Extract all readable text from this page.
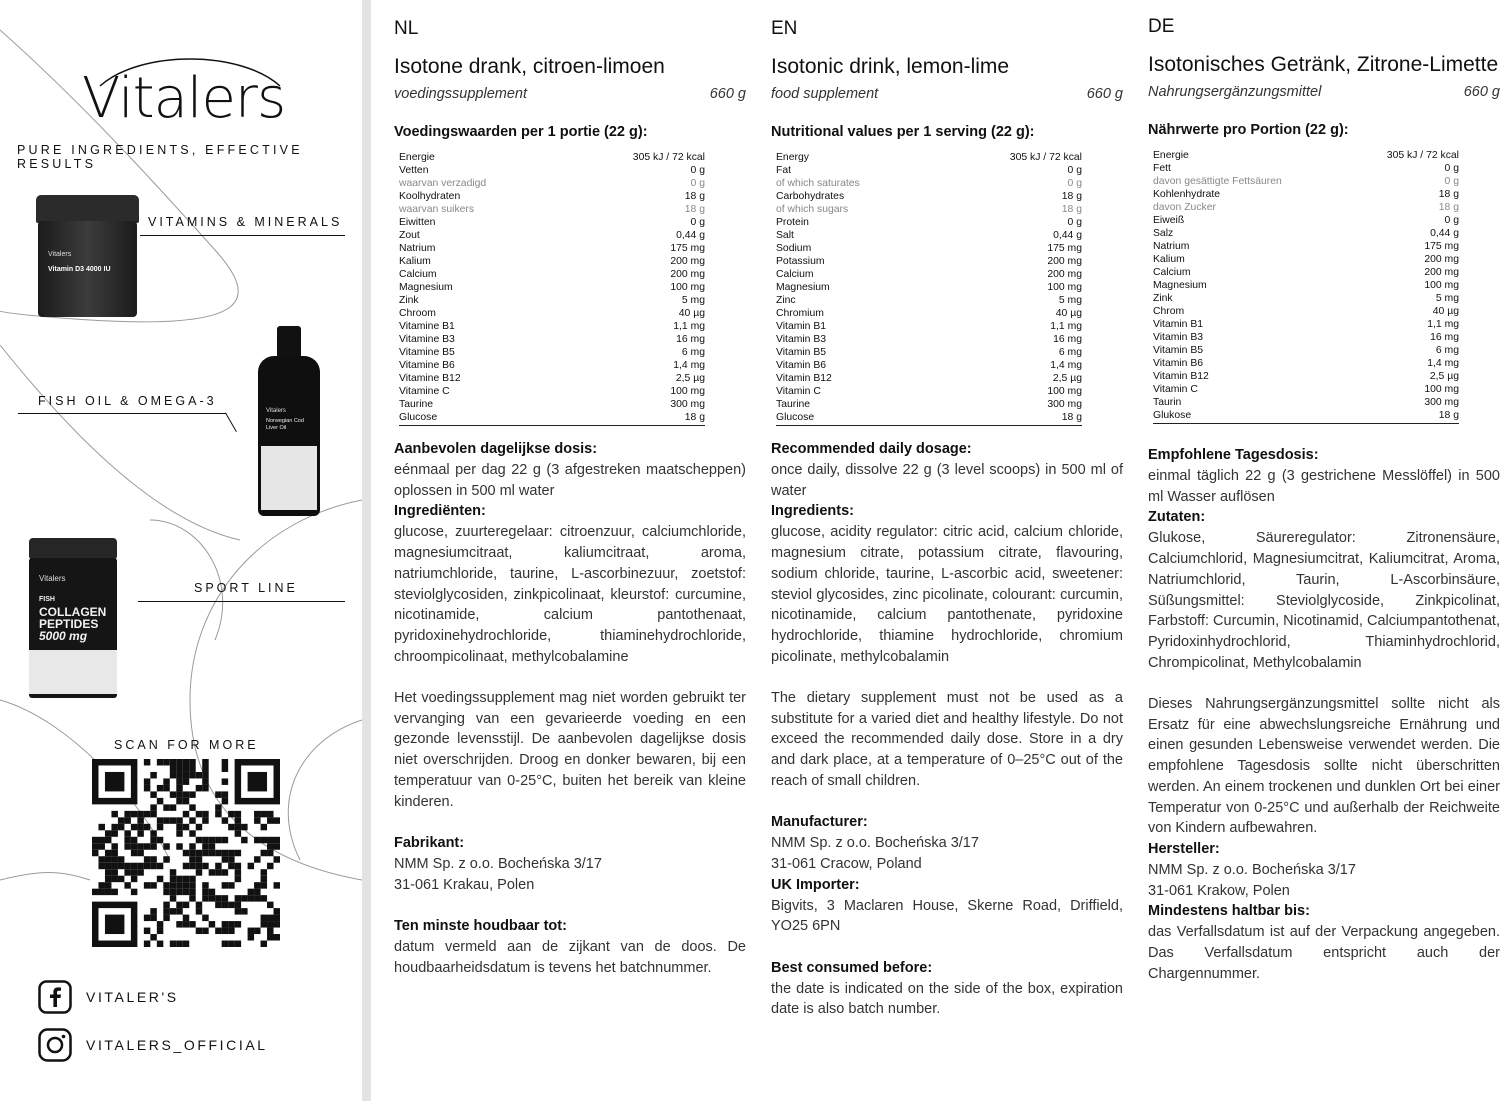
Vitalers
PURE INGREDIENTS, EFFECTIVE RESULTS
VITAMINS & MINERALS
Vitalers
Vitamin D3 4000 IU
FISH OIL & OMEGA-3
Vitalers
Norwegian Cod Liver Oil
SPORT LINE
Vitalers
FISH
COLLAGEN
PEPTIDES
5000 mg
SCAN FOR MORE
VITALER'S
VITALERS_OFFICIAL
NL
Isotone drank, citroen-limoen
voedingssupplement	660 g
Voedingswaarden per 1 portie (22 g):
Energie	305 kJ / 72 kcal
Vetten	0 g
waarvan verzadigd	0 g
Koolhydraten	18 g
waarvan suikers	18 g
Eiwitten	0 g
Zout	0,44 g
Natrium	175 mg
Kalium	200 mg
Calcium	200 mg
Magnesium	100 mg
Zink	5 mg
Chroom	40 µg
Vitamine B1	1,1 mg
Vitamine B3	16 mg
Vitamine B5	6 mg
Vitamine B6	1,4 mg
Vitamine B12	2,5 µg
Vitamine C	100 mg
Taurine	300 mg
Glucose	18 g
Aanbevolen dagelijkse dosis:
eénmaal per dag 22 g (3 afgestreken maatscheppen) oplossen in 500 ml water
Ingrediënten:
glucose, zuurteregelaar: citroenzuur, calciumchloride, magnesiumcitraat, kaliumcitraat, aroma, natriumchloride, taurine, L-ascorbinezuur, zoetstof: steviolglycosiden, zinkpicolinaat, kleurstof: curcumine, nicotinamide, calcium pantothenaat, pyridoxinehydrochloride, thiaminehydrochloride, chroompicolinaat, methylcobalamine
Het voedingssupplement mag niet worden gebruikt ter vervanging van een gevarieerde voeding en een gezonde levensstijl. De aanbevolen dagelijkse dosis niet overschrijden. Droog en donker bewaren, bij een temperatuur van 0-25°C, buiten het bereik van kleine kinderen.
Fabrikant:
NMM Sp. z o.o. Bocheńska 3/17
31-061 Krakau, Polen
Ten minste houdbaar tot:
datum vermeld aan de zijkant van de doos. De houdbaarheidsdatum is tevens het batchnummer.
EN
Isotonic drink, lemon-lime
food supplement	660 g
Nutritional values per 1 serving (22 g):
Energy	305 kJ / 72 kcal
Fat	0 g
of which saturates	0 g
Carbohydrates	18 g
of which sugars	18 g
Protein	0 g
Salt	0,44 g
Sodium	175 mg
Potassium	200 mg
Calcium	200 mg
Magnesium	100 mg
Zinc	5 mg
Chromium	40 µg
Vitamin B1	1,1 mg
Vitamin B3	16 mg
Vitamin B5	6 mg
Vitamin B6	1,4 mg
Vitamin B12	2,5 µg
Vitamin C	100 mg
Taurine	300 mg
Glucose	18 g
Recommended daily dosage:
once daily, dissolve 22 g (3 level scoops) in 500 ml of water
Ingredients:
glucose, acidity regulator: citric acid, calcium chloride, magnesium citrate, potassium citrate, flavouring, sodium chloride, taurine, L-ascorbic acid, sweetener: steviol glycosides, zinc picolinate, colourant: curcumin, nicotinamide, calcium pantothenate, pyridoxine hydrochloride, thiamine hydrochloride, chromium picolinate, methylcobalamin
The dietary supplement must not be used as a substitute for a varied diet and healthy lifestyle. Do not exceed the recommended daily dose. Store in a dry and dark place, at a temperature of 0–25°C out of the reach of small children.
Manufacturer:
NMM Sp. z o.o. Bocheńska 3/17
31-061 Cracow, Poland
UK Importer:
Bigvits, 3 Maclaren House, Skerne Road, Driffield, YO25 6PN
Best consumed before:
the date is indicated on the side of the box, expiration date is also batch number.
DE
Isotonisches Getränk, Zitrone-Limette
Nahrungsergänzungsmittel	660 g
Nährwerte pro Portion (22 g):
Energie	305 kJ / 72 kcal
Fett	0 g
davon gesättigte Fettsäuren	0 g
Kohlenhydrate	18 g
davon Zucker	18 g
Eiweiß	0 g
Salz	0,44 g
Natrium	175 mg
Kalium	200 mg
Calcium	200 mg
Magnesium	100 mg
Zink	5 mg
Chrom	40 µg
Vitamin B1	1,1 mg
Vitamin B3	16 mg
Vitamin B5	6 mg
Vitamin B6	1,4 mg
Vitamin B12	2,5 µg
Vitamin C	100 mg
Taurin	300 mg
Glukose	18 g
Empfohlene Tagesdosis:
einmal täglich 22 g (3 gestrichene Messlöffel) in 500 ml Wasser auflösen
Zutaten:
Glukose, Säureregulator: Zitronensäure, Calciumchlorid, Magnesiumcitrat, Kaliumcitrat, Aroma, Natriumchlorid, Taurin, L-Ascorbinsäure, Süßungsmittel: Steviolglycoside, Zinkpicolinat, Farbstoff: Curcumin, Nicotinamid, Calciumpantothenat, Pyridoxinhydrochlorid, Thiaminhydrochlorid, Chrompicolinat, Methylcobalamin
Dieses Nahrungsergänzungsmittel sollte nicht als Ersatz für eine abwechslungsreiche Ernährung und einen gesunden Lebensweise verwendet werden. Die empfohlene Tagesdosis sollte nicht überschritten werden. An einem trockenen und dunklen Ort bei einer Temperatur von 0-25°C und außerhalb der Reichweite von Kindern aufbewahren.
Hersteller:
NMM Sp. z o.o. Bocheńska 3/17
31-061 Krakow, Polen
Mindestens haltbar bis:
das Verfallsdatum ist auf der Verpackung angegeben. Das Verfallsdatum entspricht auch der Chargennummer.
